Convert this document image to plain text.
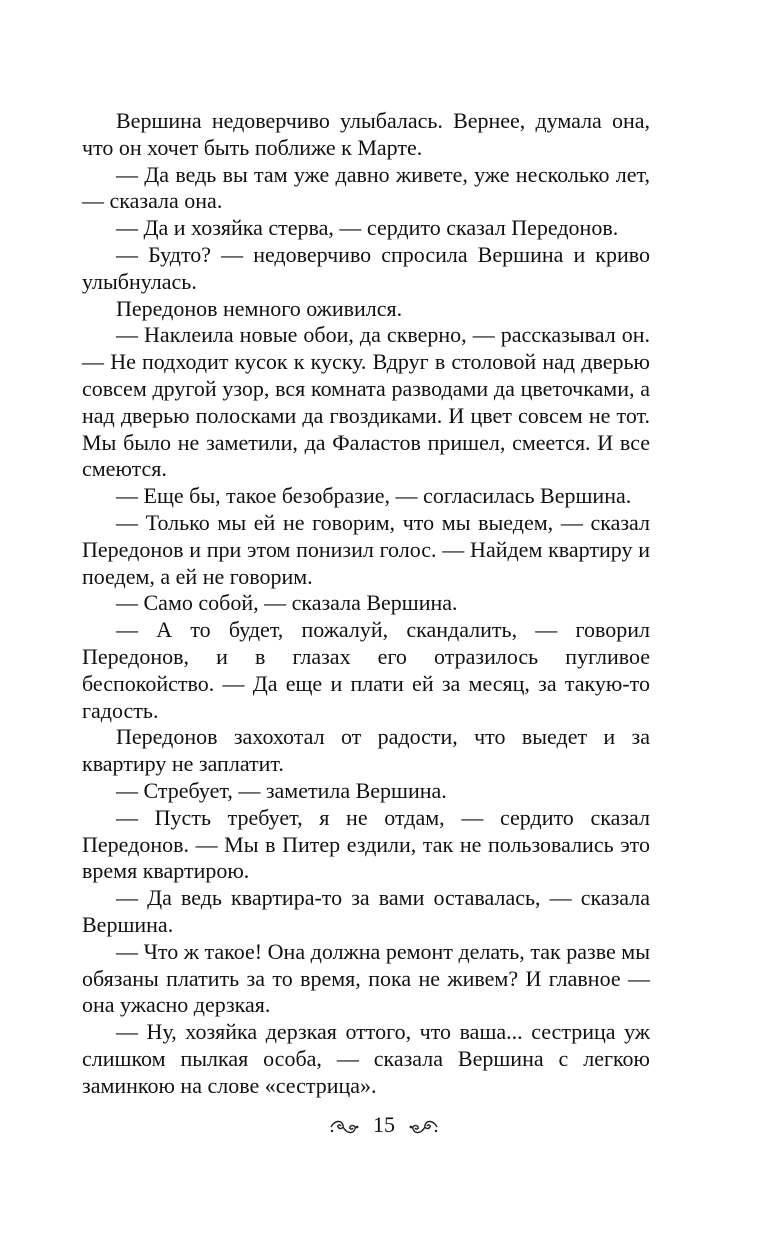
Вершина недоверчиво улыбалась. Вернее, думала она, что он хочет быть поближе к Марте.

— Да ведь вы там уже давно живете, уже несколько лет, — сказала она.

— Да и хозяйка стерва, — сердито сказал Передонов.

— Будто? — недоверчиво спросила Вершина и криво улыбнулась.

Передонов немного оживился.

— Наклеила новые обои, да скверно, — рассказывал он. — Не подходит кусок к куску. Вдруг в столовой над дверью совсем другой узор, вся комната разводами да цветочками, а над дверью полосками да гвоздиками. И цвет совсем не тот. Мы было не заметили, да Фаластов пришел, смеется. И все смеются.

— Еще бы, такое безобразие, — согласилась Вершина.

— Только мы ей не говорим, что мы выедем, — сказал Передонов и при этом понизил голос. — Найдем квартиру и поедем, а ей не говорим.

— Само собой, — сказала Вершина.

— А то будет, пожалуй, скандалить, — говорил Передонов, и в глазах его отразилось пугливое беспокойство. — Да еще и плати ей за месяц, за такую-то гадость.

Передонов захохотал от радости, что выедет и за квартиру не заплатит.

— Стребует, — заметила Вершина.

— Пусть требует, я не отдам, — сердито сказал Передонов. — Мы в Питер ездили, так не пользовались это время квартирою.

— Да ведь квартира-то за вами оставалась, — сказала Вершина.

— Что ж такое! Она должна ремонт делать, так разве мы обязаны платить за то время, пока не живем? И главное — она ужасно дерзкая.

— Ну, хозяйка дерзкая оттого, что ваша... сестрица уж слишком пылкая особа, — сказала Вершина с легкою заминкою на слове «сестрица».

15
